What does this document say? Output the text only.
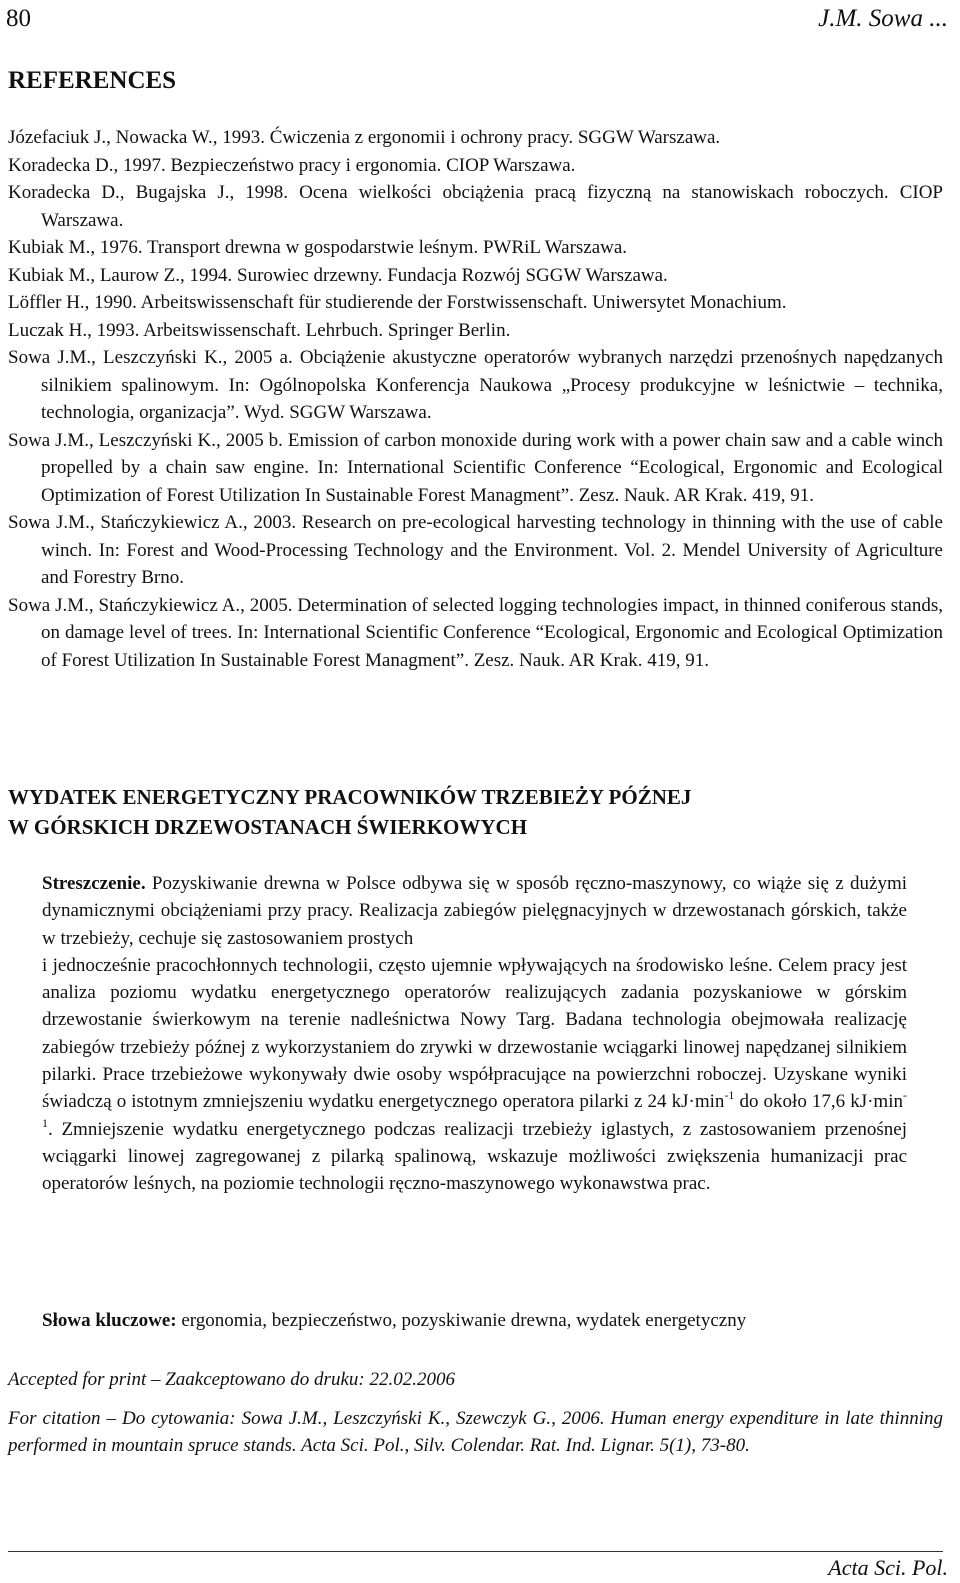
80	J.M. Sowa ...
REFERENCES
Józefaciuk J., Nowacka W., 1993. Ćwiczenia z ergonomii i ochrony pracy. SGGW Warszawa.
Koradecka D., 1997. Bezpieczeństwo pracy i ergonomia. CIOP Warszawa.
Koradecka D., Bugajska J., 1998. Ocena wielkości obciążenia pracą fizyczną na stanowiskach roboczych. CIOP Warszawa.
Kubiak M., 1976. Transport drewna w gospodarstwie leśnym. PWRiL Warszawa.
Kubiak M., Laurow Z., 1994. Surowiec drzewny. Fundacja Rozwój SGGW Warszawa.
Löffler H., 1990. Arbeitswissenschaft für studierende der Forstwissenschaft. Uniwersytet Monachium.
Luczak H., 1993. Arbeitswissenschaft. Lehrbuch. Springer Berlin.
Sowa J.M., Leszczyński K., 2005 a. Obciążenie akustyczne operatorów wybranych narzędzi przenośnych napędzanych silnikiem spalinowym. In: Ogólnopolska Konferencja Naukowa „Procesy produkcyjne w leśnictwie – technika, technologia, organizacja”. Wyd. SGGW Warszawa.
Sowa J.M., Leszczyński K., 2005 b. Emission of carbon monoxide during work with a power chain saw and a cable winch propelled by a chain saw engine. In: International Scientific Conference “Ecological, Ergonomic and Ecological Optimization of Forest Utilization In Sustainable Forest Managment”. Zesz. Nauk. AR Krak. 419, 91.
Sowa J.M., Stańczykiewicz A., 2003. Research on pre-ecological harvesting technology in thinning with the use of cable winch. In: Forest and Wood-Processing Technology and the Environment. Vol. 2. Mendel University of Agriculture and Forestry Brno.
Sowa J.M., Stańczykiewicz A., 2005. Determination of selected logging technologies impact, in thinned coniferous stands, on damage level of trees. In: International Scientific Conference “Ecological, Ergonomic and Ecological Optimization of Forest Utilization In Sustainable Forest Managment”. Zesz. Nauk. AR Krak. 419, 91.
WYDATEK ENERGETYCZNY PRACOWNIKÓW TRZEBIEŻY PÓŹNEJ
W GÓRSKICH DRZEWOSTANACH ŚWIERKOWYCH
Streszczenie. Pozyskiwanie drewna w Polsce odbywa się w sposób ręczno-maszynowy, co wiąże się z dużymi dynamicznymi obciążeniami przy pracy. Realizacja zabiegów pielęgnacyjnych w drzewostanach górskich, także w trzebieży, cechuje się zastosowaniem prostych
i jednocześnie pracochłonnych technologii, często ujemnie wpływających na środowisko leśne. Celem pracy jest analiza poziomu wydatku energetycznego operatorów realizujących zadania pozyskaniowe w górskim drzewostanie świerkowym na terenie nadleśnictwa Nowy Targ. Badana technologia obejmowała realizację zabiegów trzebieży późnej z wykorzystaniem do zrywki w drzewostanie wciągarki linowej napędzanej silnikiem pilarki. Prace trzebieżowe wykonywały dwie osoby współpracujące na powierzchni roboczej. Uzyskane wyniki świadczą o istotnym zmniejszeniu wydatku energetycznego operatora pilarki z 24 $kJ\cdot\min^{-1}$ do około 17,6 $kJ\cdot\min^{-1}$. Zmniejszenie wydatku energetycznego podczas realizacji trzebieży iglastych, z zastosowaniem przenośnej wciągarki linowej zagregowanej z pilarką spalinową, wskazuje możliwości zwiększenia humanizacji prac operatorów leśnych, na poziomie technologii ręczno-maszynowego wykonawstwa prac.

Słowa kluczowe: ergonomia, bezpieczeństwo, pozyskiwanie drewna, wydatek energetyczny

Accepted for print – Zaakceptowano do druku: 22.02.2006

For citation – Do cytowania: Sowa J.M., Leszczyński K., Szewczyk G., 2006. Human energy expenditure in late thinning performed in mountain spruce stands. Acta Sci. Pol., Silv. Colendar. Rat. Ind. Lignar. 5(1), 73-80.

Acta Sci. Pol.
